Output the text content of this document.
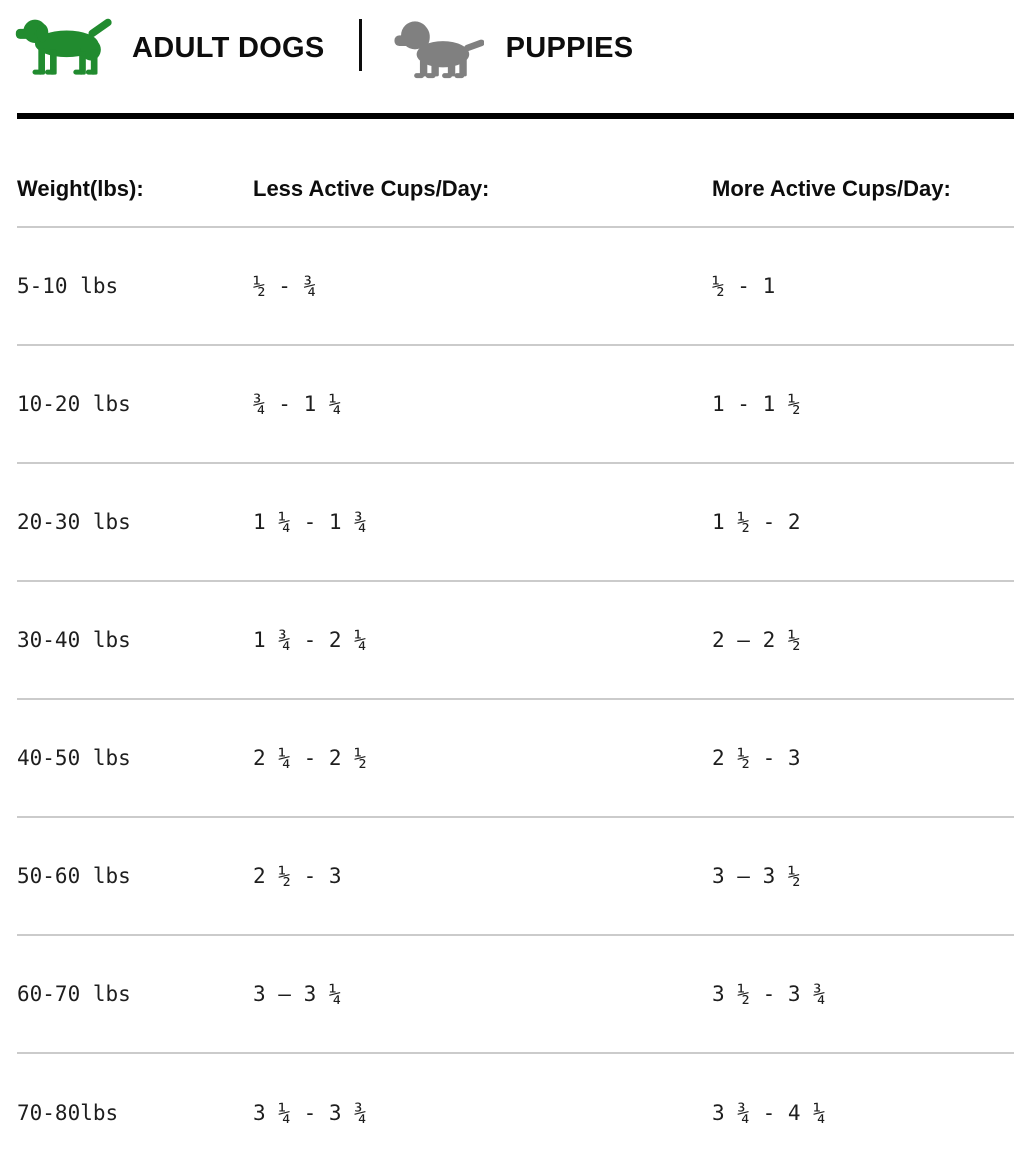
ADULT DOGS	PUPPIES
Weight(lbs):	Less Active Cups/Day:	More Active Cups/Day:
5-10 lbs	½ - ¾	½ - 1
10-20 lbs	¾ - 1 ¼	1 - 1 ½
20-30 lbs	1 ¼ - 1 ¾	1 ½ - 2
30-40 lbs	1 ¾ - 2 ¼	2 — 2 ½
40-50 lbs	2 ¼ - 2 ½	2 ½ - 3
50-60 lbs	2 ½ - 3	3 — 3 ½
60-70 lbs	3 — 3 ¼	3 ½ - 3 ¾
70-80lbs	3 ¼ - 3 ¾	3 ¾ - 4 ¼
